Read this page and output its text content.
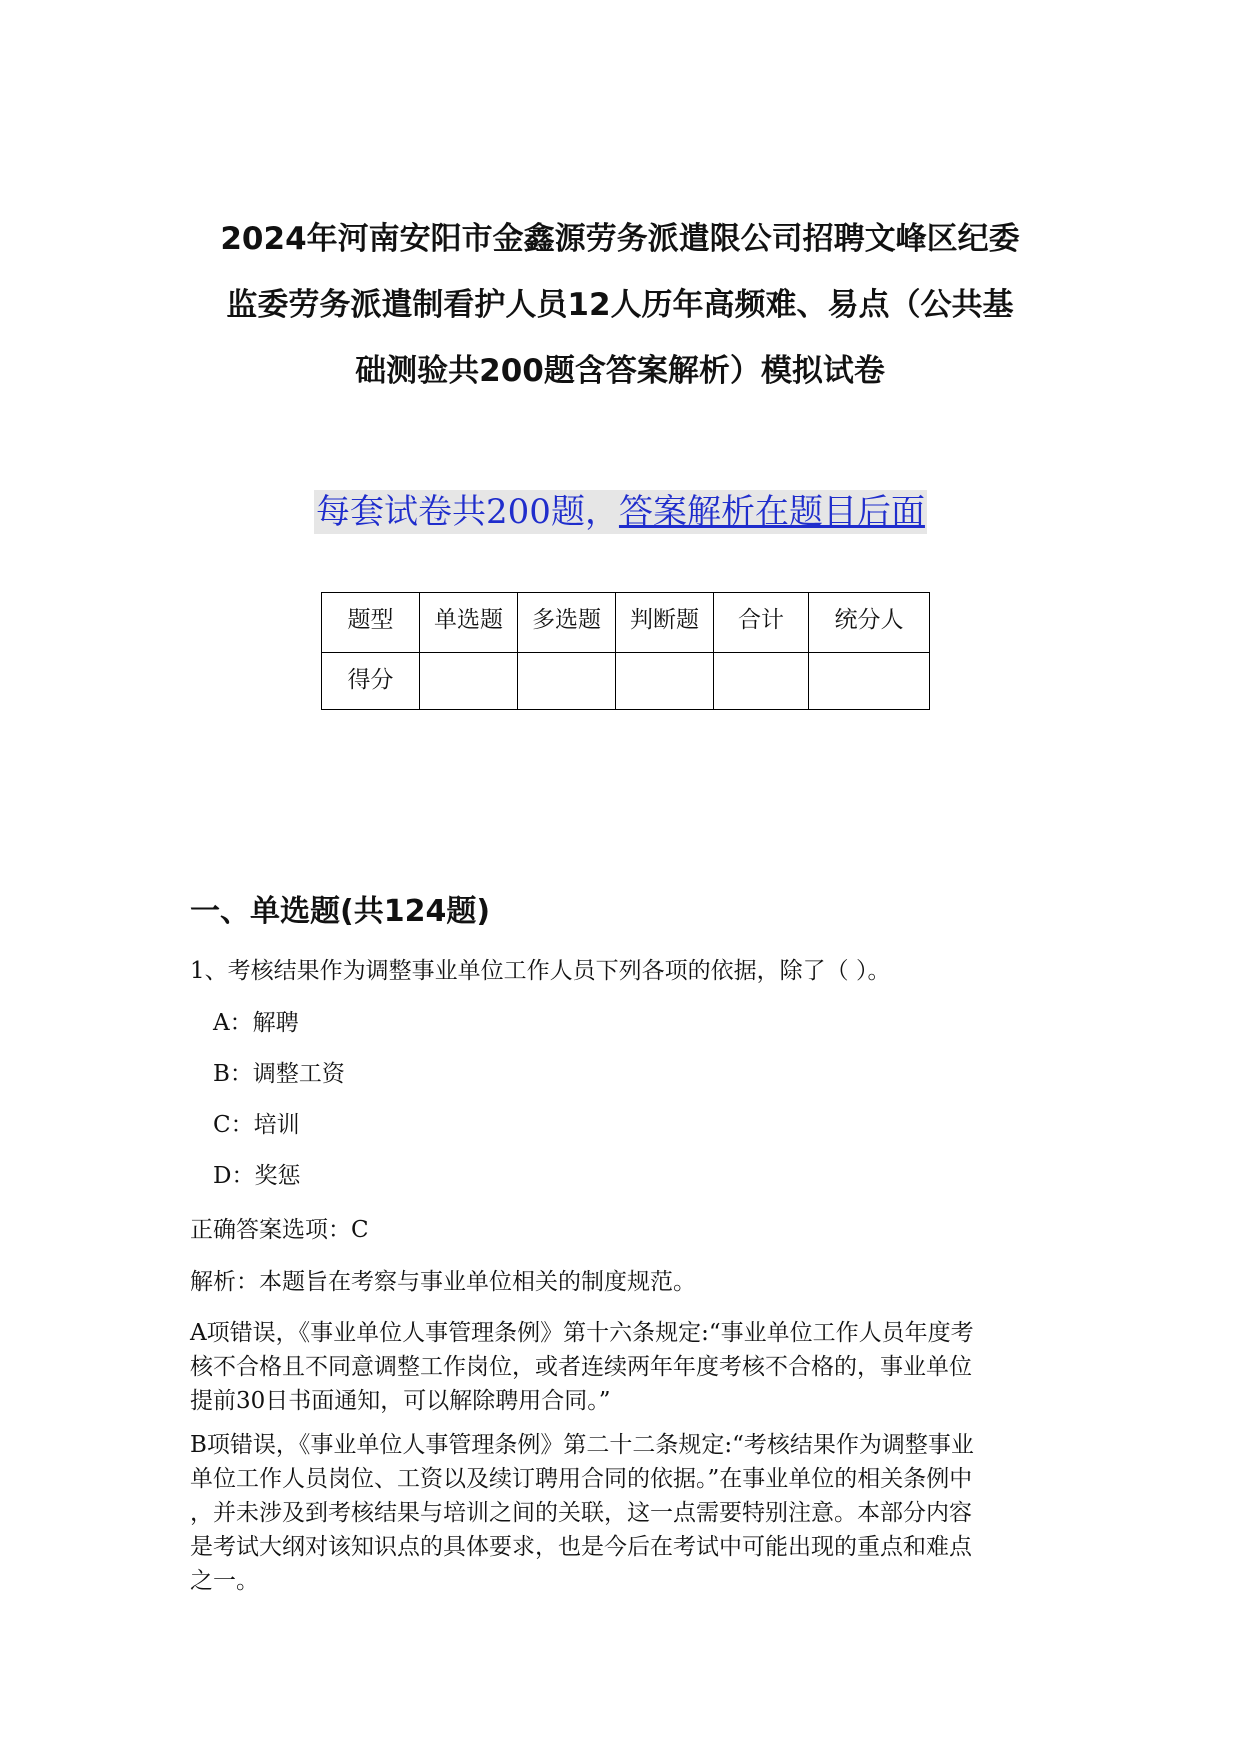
2024年河南安阳市金鑫源劳务派遣限公司招聘文峰区纪委
监委劳务派遣制看护人员12人历年高频难、易点（公共基
础测验共200题含答案解析）模拟试卷
每套试卷共200题，答案解析在题目后面
题型	单选题	多选题	判断题	合计	统分人
得分					
一、单选题(共124题)
1、考核结果作为调整事业单位工作人员下列各项的依据，除了（ ）。
A：解聘
B：调整工资
C：培训
D：奖惩
正确答案选项：C
解析：本题旨在考察与事业单位相关的制度规范。
A项错误，《事业单位人事管理条例》第十六条规定:“事业单位工作人员年度考
核不合格且不同意调整工作岗位，或者连续两年年度考核不合格的，事业单位
提前30日书面通知，可以解除聘用合同。”
B项错误，《事业单位人事管理条例》第二十二条规定:“考核结果作为调整事业
单位工作人员岗位、工资以及续订聘用合同的依据。”在事业单位的相关条例中
，并未涉及到考核结果与培训之间的关联，这一点需要特别注意。本部分内容
是考试大纲对该知识点的具体要求，也是今后在考试中可能出现的重点和难点
之一。
